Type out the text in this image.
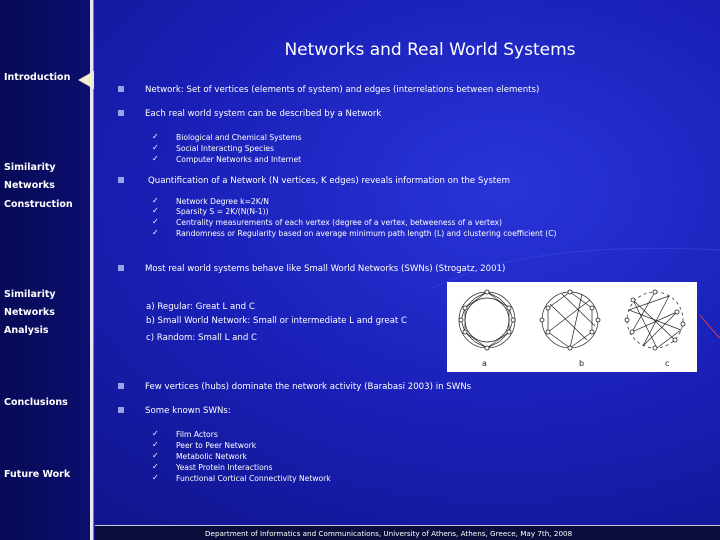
Introduction
Similarity
Networks
Construction
Similarity
Networks
Analysis
Conclusions
Future Work
Networks and Real World Systems
Network: Set of vertices (elements of system) and edges (interrelations between elements)
Each real world system can be described by a Network
✓ Biological and Chemical Systems
✓ Social Interacting Species
✓ Computer Networks and Internet
Quantification of a Network (N vertices, K edges) reveals information on the System
✓ Network Degree k=2K/N
✓ Sparsity S = 2K/(N(N-1))
✓ Centrality measurements of each vertex (degree of a vertex, betweeness of a vertex)
✓ Randomness or Regularity based on average minimum path length (L) and clustering coefficient (C)
Most real world systems behave like Small World Networks (SWNs) (Strogatz, 2001)
a) Regular: Great L and C
b) Small World Network: Small or intermediate L and great C
c) Random: Small L and C
a	b	c
Few vertices (hubs) dominate the network activity (Barabasi 2003) in SWNs
Some known SWNs:
✓ Film Actors
✓ Peer to Peer Network
✓ Metabolic Network
✓ Yeast Protein Interactions
✓ Functional Cortical Connectivity Network
Department of Informatics and Communications, University of Athens, Athens, Greece, May 7th, 2008
